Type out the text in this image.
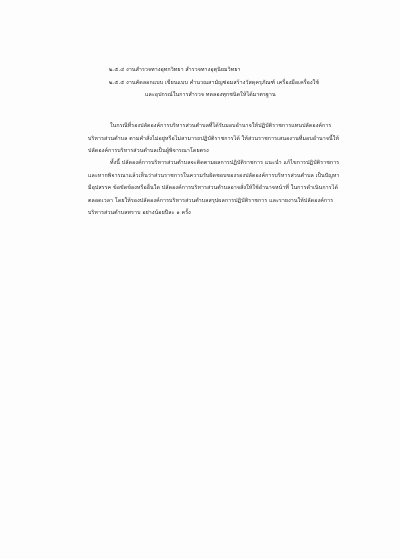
๒.๕.๔ งานสำรวจทางอุทกวิทยา สำรวจทางอุตุนิยมวิทยา
๒.๕.๕ งานคัดลอกแบบ เขียนแบบ คำนวณสามัญซ่อมสร้างวัสดุครุภัณฑ์ เครื่องมือเครื่องใช้
และอุปกรณ์ในการสำรวจ ทดลองทุกชนิดให้ได้มาตรฐาน
ในกรณีที่รองปลัดองค์การบริหารส่วนตำบลที่ได้รับมอบอำนาจให้ปฏิบัติราชการแทนปลัดองค์การ
บริหารส่วนตำบล ตามคำสั่งไม่อยู่หรือไม่สามารถปฏิบัติราชการได้ ให้ส่วนราชการเสนองานที่มอบอำนาจนี้ให้
ปลัดองค์การบริหารส่วนตำบลเป็นผู้พิจารณาโดยตรง
ทั้งนี้ ปลัดองค์การบริหารส่วนตำบลจะติดตามผลการปฏิบัติราชการ แนะนำ แก้ไขการปฏิบัติราชการ
และหากพิจารณาแล้วเห็นว่าส่วนราชการในความรับผิดชอบของรองปลัดองค์การบริหารส่วนตำบล เป็นปัญหา
มีอุปสรรค ข้อขัดข้องหรืออื่นใด ปลัดองค์การบริหารส่วนตำบลอาจสั่งให้ใช้อำนาจหน้าที่ ในการดำเนินการได้
ตลอดเวลา โดยให้รองปลัดองค์การบริหารส่วนตำบลสรุปผลการปฏิบัติราชการ และรายงานให้ปลัดองค์การ
บริหารส่วนตำบลทราบ อย่างน้อยปีละ ๑ ครั้ง
